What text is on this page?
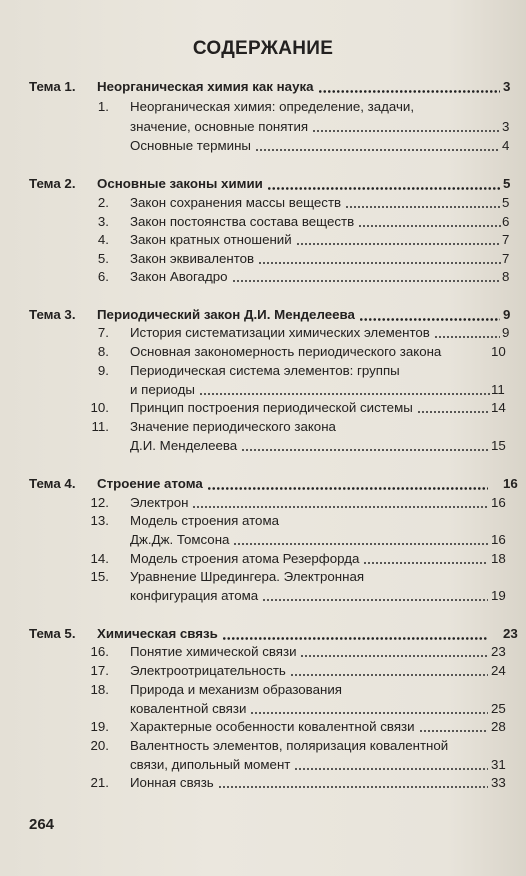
СОДЕРЖАНИЕ
Тема 1.	Неорганическая химия как наука	3
1. Неорганическая химия: определение, задачи,
значение, основные понятия	3
Основные термины	4
Тема 2.	Основные законы химии	5
2. Закон сохранения массы веществ	5
3. Закон постоянства состава веществ	6
4. Закон кратных отношений	7
5. Закон эквивалентов	7
6. Закон Авогадро	8
Тема 3.	Периодический закон Д.И. Менделеева	9
7. История систематизации химических элементов	9
8. Основная закономерность периодического закона	10
9. Периодическая система элементов: группы
и периоды	11
10. Принцип построения периодической системы	14
11. Значение периодического закона
Д.И. Менделеева	15
Тема 4.	Строение атома	16
12. Электрон	16
13. Модель строения атома
Дж.Дж. Томсона	16
14. Модель строения атома Резерфорда	18
15. Уравнение Шредингера. Электронная
конфигурация атома	19
Тема 5.	Химическая связь	23
16. Понятие химической связи	23
17. Электроотрицательность	24
18. Природа и механизм образования
ковалентной связи	25
19. Характерные особенности ковалентной связи	28
20. Валентность элементов, поляризация ковалентной
связи, дипольный момент	31
21. Ионная связь	33
264
